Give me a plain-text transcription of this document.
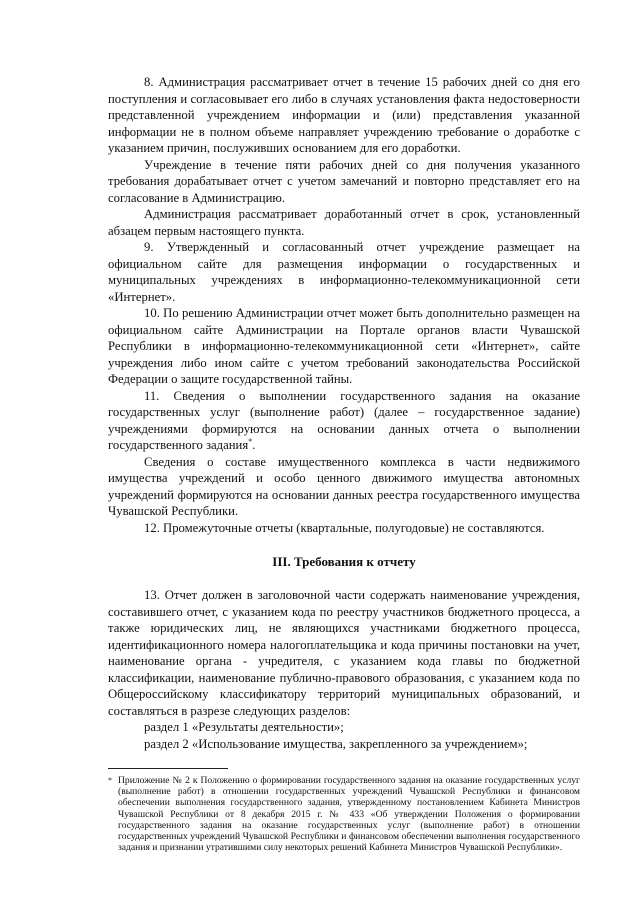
8. Администрация рассматривает отчет в течение 15 рабочих дней со дня его поступления и согласовывает его либо в случаях установления факта недостоверности представленной учреждением информации и (или) представления указанной информации не в полном объеме направляет учреждению требование о доработке с указанием причин, послуживших основанием для его доработки.

Учреждение в течение пяти рабочих дней со дня получения указанного требования дорабатывает отчет с учетом замечаний и повторно представляет его на согласование в Администрацию.

Администрация рассматривает доработанный отчет в срок, установленный абзацем первым настоящего пункта.

9. Утвержденный и согласованный отчет учреждение размещает на официальном сайте для размещения информации о государственных и муниципальных учреждениях в информационно-телекоммуникационной сети «Интернет».

10. По решению Администрации отчет может быть дополнительно размещен на официальном сайте Администрации на Портале органов власти Чувашской Республики в информационно-телекоммуникационной сети «Интернет», сайте учреждения либо ином сайте с учетом требований законодательства Российской Федерации о защите государственной тайны.

11. Сведения о выполнении государственного задания на оказание государственных услуг (выполнение работ) (далее – государственное задание) учреждениями формируются на основании данных отчета о выполнении государственного задания*.

Сведения о составе имущественного комплекса в части недвижимого имущества учреждений и особо ценного движимого имущества автономных учреждений формируются на основании данных реестра государственного имущества Чувашской Республики.

12. Промежуточные отчеты (квартальные, полугодовые) не составляются.

III. Требования к отчету

13. Отчет должен в заголовочной части содержать наименование учреждения, составившего отчет, с указанием кода по реестру участников бюджетного процесса, а также юридических лиц, не являющихся участниками бюджетного процесса, идентификационного номера налогоплательщика и кода причины постановки на учет, наименование органа - учредителя, с указанием кода главы по бюджетной классификации, наименование публично-правового образования, с указанием кода по Общероссийскому классификатору территорий муниципальных образований, и составляться в разрезе следующих разделов:

раздел 1 «Результаты деятельности»;

раздел 2 «Использование имущества, закрепленного за учреждением»;

* Приложение № 2 к Положению о формировании государственного задания на оказание государственных услуг (выполнение работ) в отношении государственных учреждений Чувашской Республики и финансовом обеспечении выполнения государственного задания, утвержденному постановлением Кабинета Министров Чувашской Республики от 8 декабря 2015 г. № 433 «Об утверждении Положения о формировании государственного задания на оказание государственных услуг (выполнение работ) в отношении государственных учреждений Чувашской Республики и финансовом обеспечении выполнения государственного задания и признании утратившими силу некоторых решений Кабинета Министров Чувашской Республики».
